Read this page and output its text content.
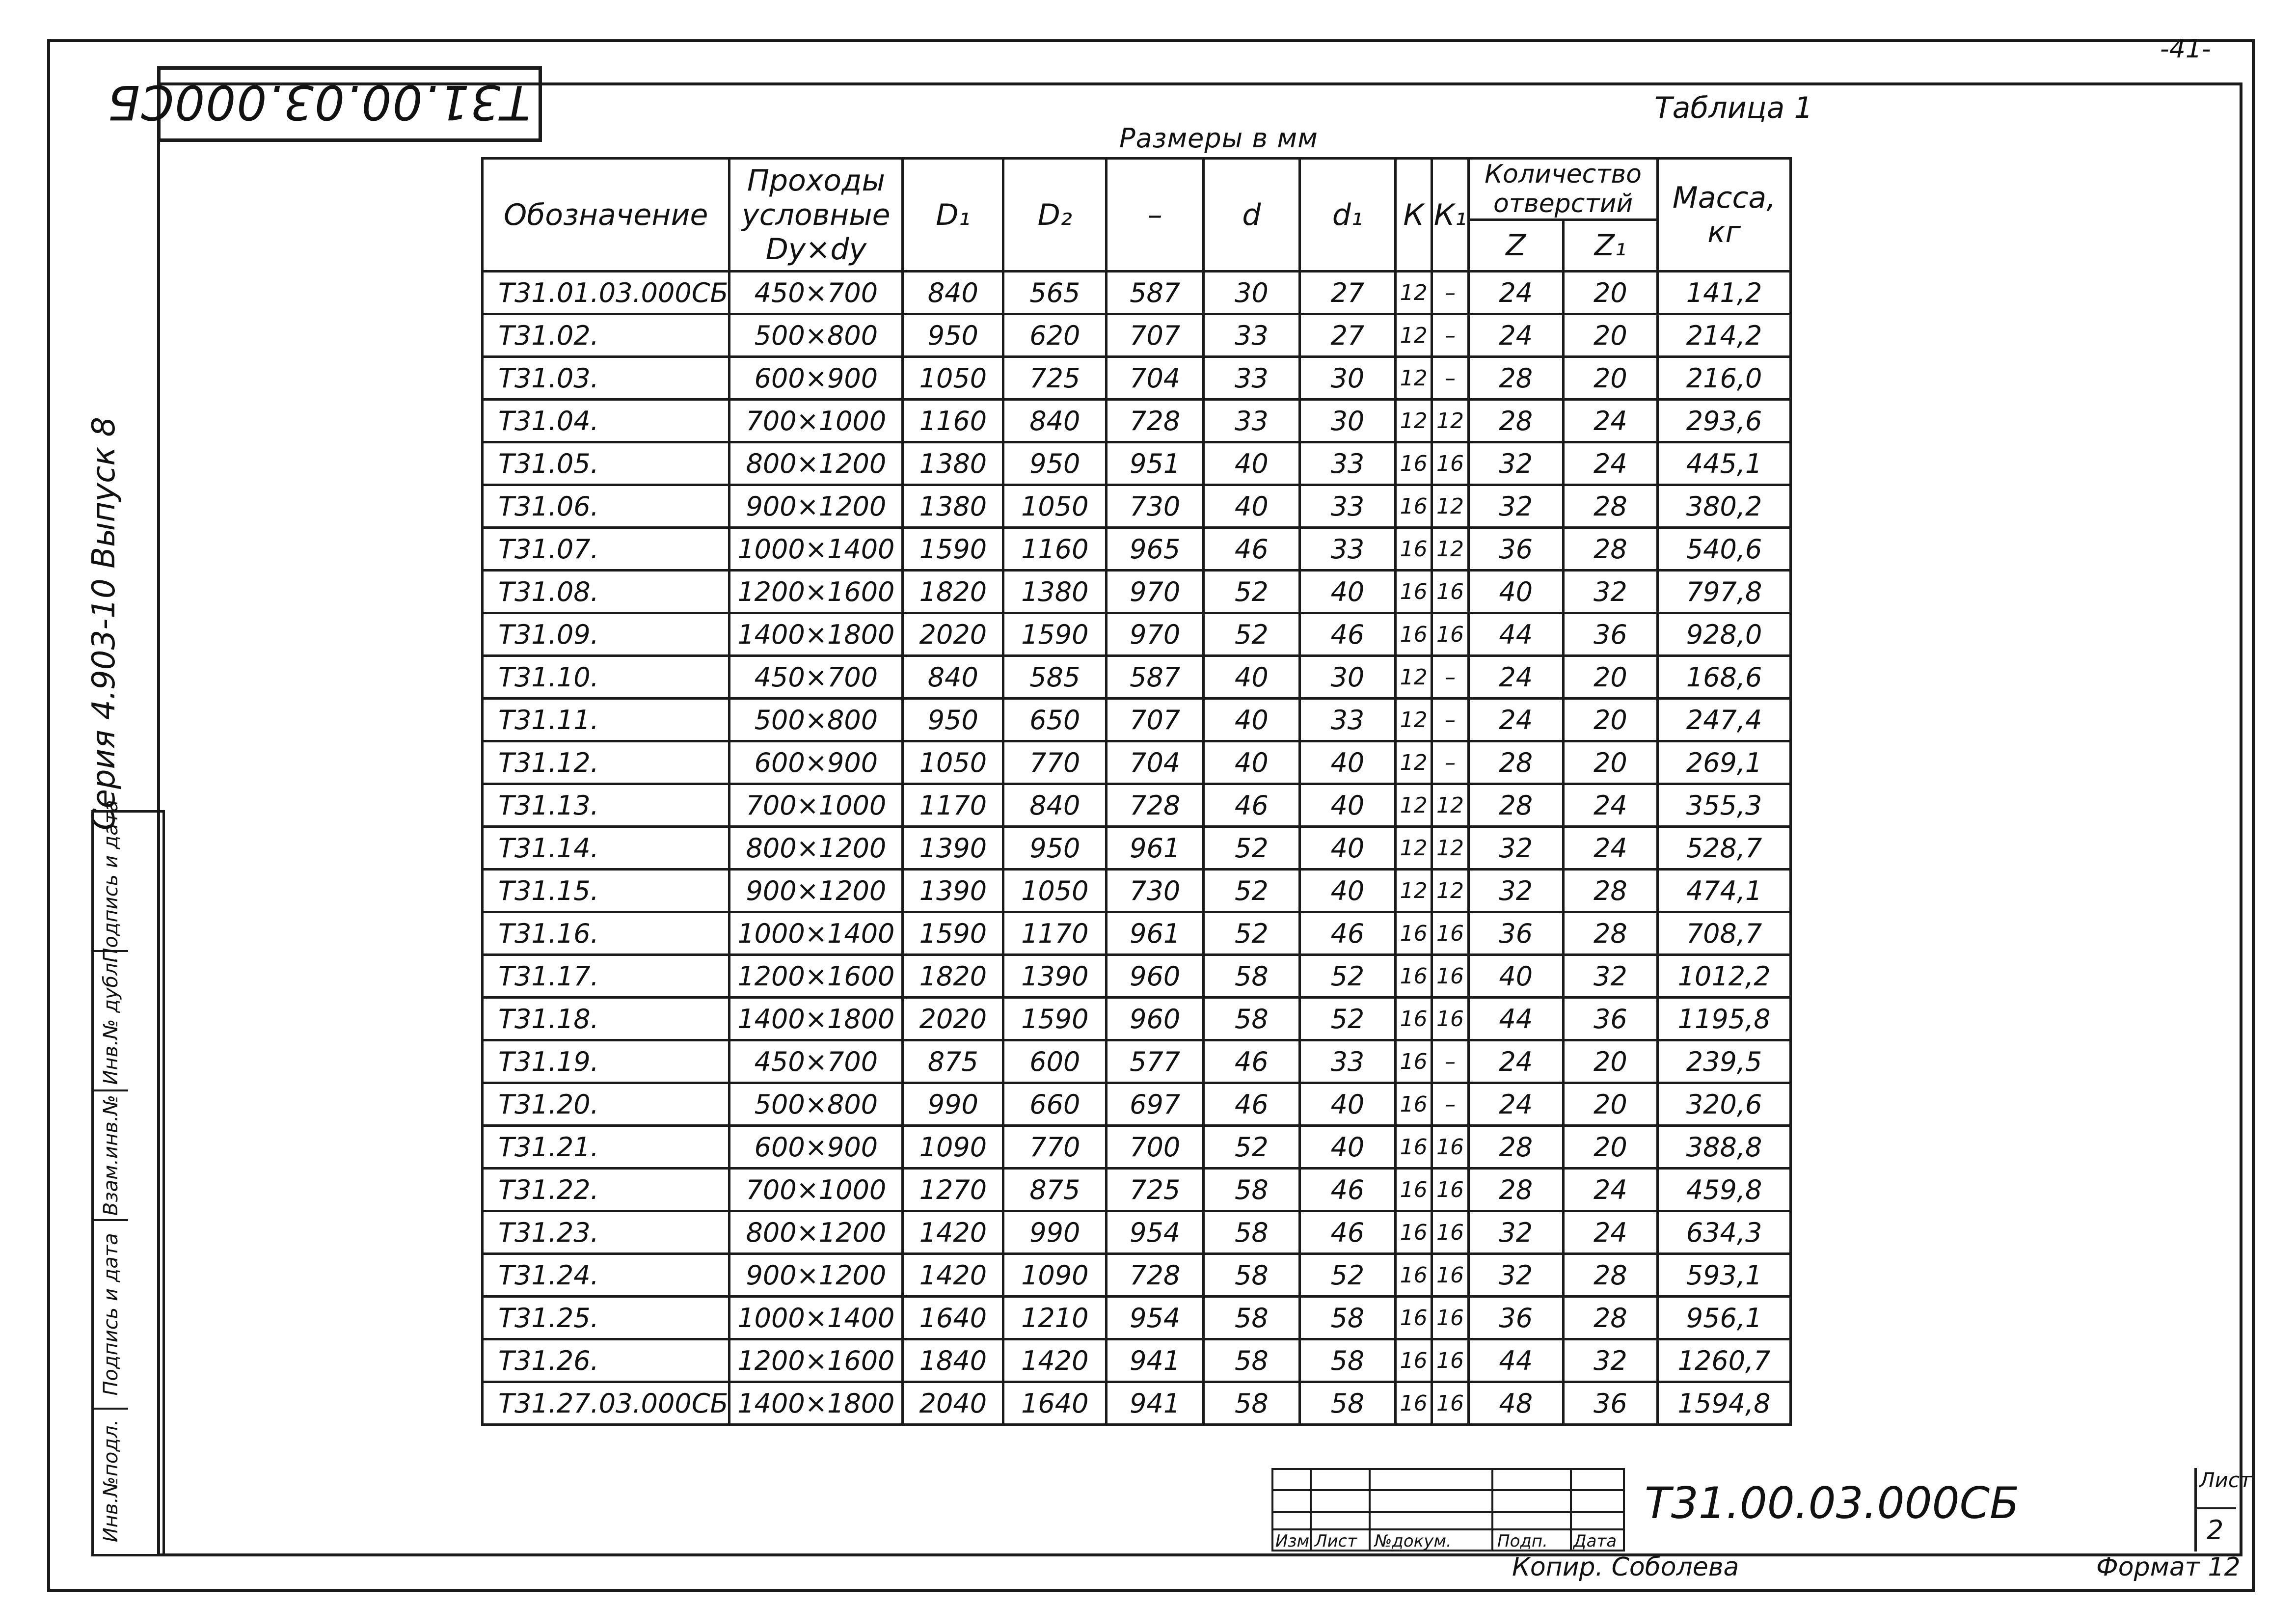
Т31.00.03.000СБ
-41-
Таблица 1
Размеры в мм
Серия 4.903-10 Выпуск 8
Подпись и дата
Инв.№ дубл.
Взам.инв.№
Подпись и дата
Инв.№подл.
Обозначение	Проходы условные Dy×dy	D₁	D₂	–	d	d₁	К	К₁	Количество отверстий		Масса, кг
									Z	Z₁	
Т31.01.03.000СБ	450×700	840	565	587	30	27	12	–	24	20	141,2
Т31.02.	500×800	950	620	707	33	27	12	–	24	20	214,2
Т31.03.	600×900	1050	725	704	33	30	12	–	28	20	216,0
Т31.04.	700×1000	1160	840	728	33	30	12	12	28	24	293,6
Т31.05.	800×1200	1380	950	951	40	33	16	16	32	24	445,1
Т31.06.	900×1200	1380	1050	730	40	33	16	12	32	28	380,2
Т31.07.	1000×1400	1590	1160	965	46	33	16	12	36	28	540,6
Т31.08.	1200×1600	1820	1380	970	52	40	16	16	40	32	797,8
Т31.09.	1400×1800	2020	1590	970	52	46	16	16	44	36	928,0
Т31.10.	450×700	840	585	587	40	30	12	–	24	20	168,6
Т31.11.	500×800	950	650	707	40	33	12	–	24	20	247,4
Т31.12.	600×900	1050	770	704	40	40	12	–	28	20	269,1
Т31.13.	700×1000	1170	840	728	46	40	12	12	28	24	355,3
Т31.14.	800×1200	1390	950	961	52	40	12	12	32	24	528,7
Т31.15.	900×1200	1390	1050	730	52	40	12	12	32	28	474,1
Т31.16.	1000×1400	1590	1170	961	52	46	16	16	36	28	708,7
Т31.17.	1200×1600	1820	1390	960	58	52	16	16	40	32	1012,2
Т31.18.	1400×1800	2020	1590	960	58	52	16	16	44	36	1195,8
Т31.19.	450×700	875	600	577	46	33	16	–	24	20	239,5
Т31.20.	500×800	990	660	697	46	40	16	–	24	20	320,6
Т31.21.	600×900	1090	770	700	52	40	16	16	28	20	388,8
Т31.22.	700×1000	1270	875	725	58	46	16	16	28	24	459,8
Т31.23.	800×1200	1420	990	954	58	46	16	16	32	24	634,3
Т31.24.	900×1200	1420	1090	728	58	52	16	16	32	28	593,1
Т31.25.	1000×1400	1640	1210	954	58	58	16	16	36	28	956,1
Т31.26.	1200×1600	1840	1420	941	58	58	16	16	44	32	1260,7
Т31.27.03.000СБ	1400×1800	2040	1640	941	58	58	16	16	48	36	1594,8
Изм Лист №докум.	Подп. Дата
Т31.00.03.000СБ	Лист
2
Копир. Соболева	Формат 12
